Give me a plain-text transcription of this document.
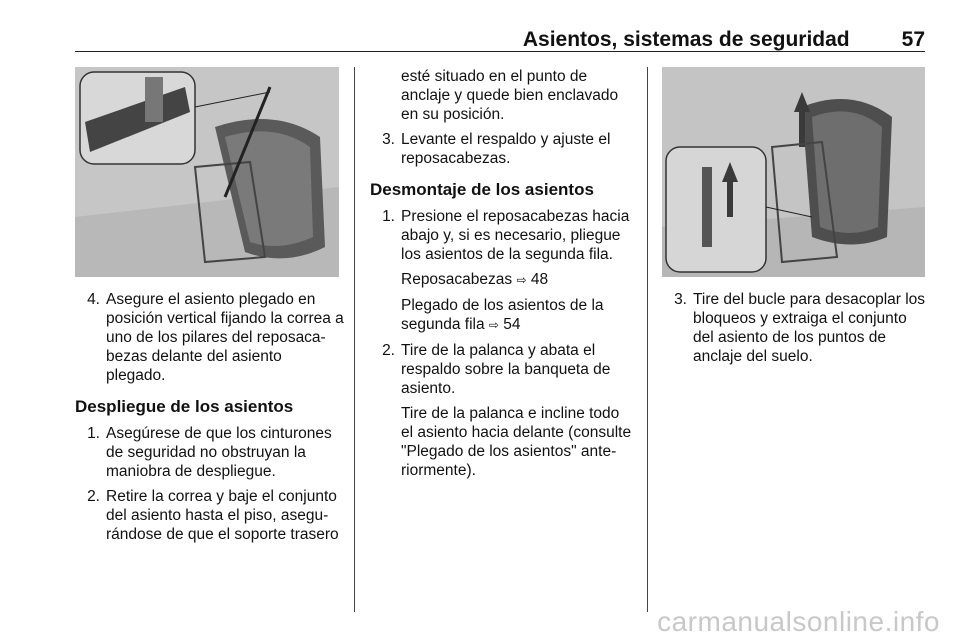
Asientos, sistemas de seguridad 57
4. Asegure el asiento plegado en posición vertical fijando la correa a uno de los pilares del reposaca-bezas delante del asiento plegado.
Despliegue de los asientos
1. Asegúrese de que los cinturones de seguridad no obstruyan la maniobra de despliegue.
2. Retire la correa y baje el conjunto del asiento hasta el piso, asegu-rándose de que el soporte trasero
esté situado en el punto de anclaje y quede bien enclavado en su posición.
3. Levante el respaldo y ajuste el reposacabezas.
Desmontaje de los asientos
1. Presione el reposacabezas hacia abajo y, si es necesario, pliegue los asientos de la segunda fila.
Reposacabezas ⇨ 48
Plegado de los asientos de la segunda fila ⇨ 54
2. Tire de la palanca y abata el respaldo sobre la banqueta de asiento.
Tire de la palanca e incline todo el asiento hacia delante (consulte "Plegado de los asientos" ante-riormente).
3. Tire del bucle para desacoplar los bloqueos y extraiga el conjunto del asiento de los puntos de anclaje del suelo.
carmanualsonline.info
